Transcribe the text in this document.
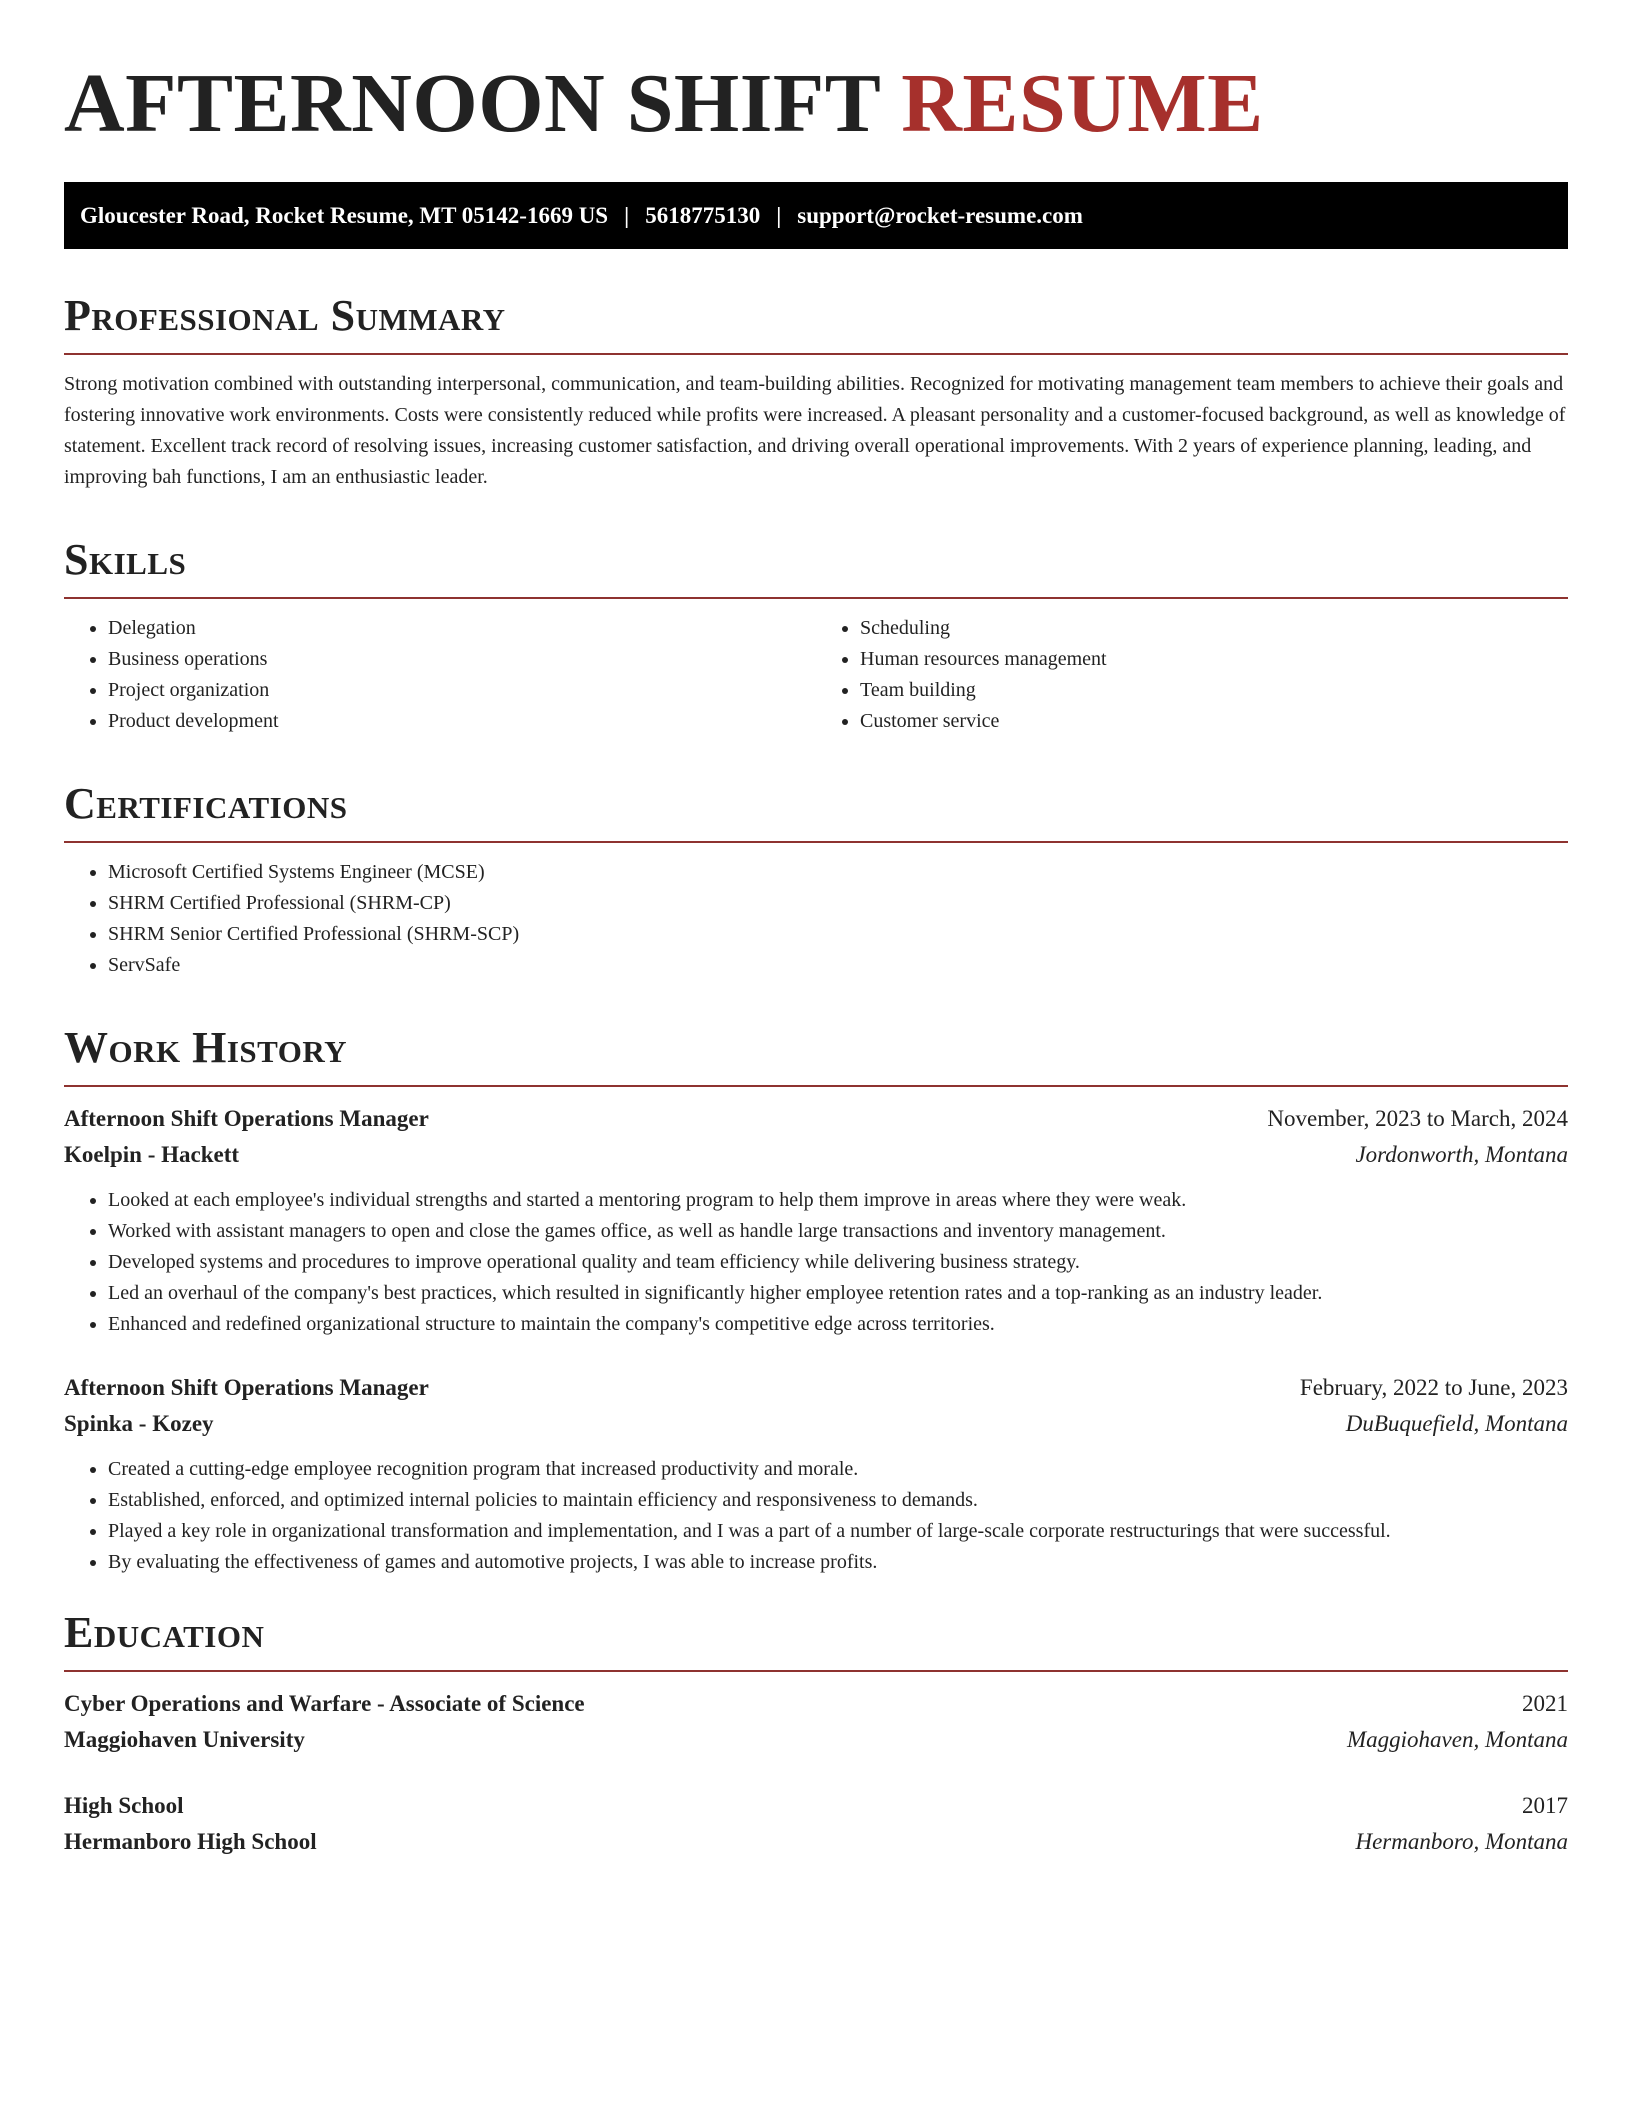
AFTERNOON SHIFT RESUME
Gloucester Road, Rocket Resume, MT 05142-1669 US | 5618775130 | support@rocket-resume.com
Professional Summary

Strong motivation combined with outstanding interpersonal, communication, and team-building abilities. Recognized for motivating management team members to achieve their goals and fostering innovative work environments. Costs were consistently reduced while profits were increased. A pleasant personality and a customer-focused background, as well as knowledge of statement. Excellent track record of resolving issues, increasing customer satisfaction, and driving overall operational improvements. With 2 years of experience planning, leading, and improving bah functions, I am an enthusiastic leader.

Skills
• Delegation
• Business operations
• Project organization
• Product development
• Scheduling
• Human resources management
• Team building
• Customer service
Certifications
• Microsoft Certified Systems Engineer (MCSE)
• SHRM Certified Professional (SHRM-CP)
• SHRM Senior Certified Professional (SHRM-SCP)
• ServSafe
Work History
Afternoon Shift Operations Manager	November, 2023 to March, 2024
Koelpin - Hackett	Jordonworth, Montana
• Looked at each employee's individual strengths and started a mentoring program to help them improve in areas where they were weak.
• Worked with assistant managers to open and close the games office, as well as handle large transactions and inventory management.
• Developed systems and procedures to improve operational quality and team efficiency while delivering business strategy.
• Led an overhaul of the company's best practices, which resulted in significantly higher employee retention rates and a top-ranking as an industry leader.
• Enhanced and redefined organizational structure to maintain the company's competitive edge across territories.
Afternoon Shift Operations Manager	February, 2022 to June, 2023
Spinka - Kozey	DuBuquefield, Montana
• Created a cutting-edge employee recognition program that increased productivity and morale.
• Established, enforced, and optimized internal policies to maintain efficiency and responsiveness to demands.
• Played a key role in organizational transformation and implementation, and I was a part of a number of large-scale corporate restructurings that were successful.
• By evaluating the effectiveness of games and automotive projects, I was able to increase profits.
Education
Cyber Operations and Warfare - Associate of Science	2021
Maggiohaven University	Maggiohaven, Montana
High School	2017
Hermanboro High School	Hermanboro, Montana
